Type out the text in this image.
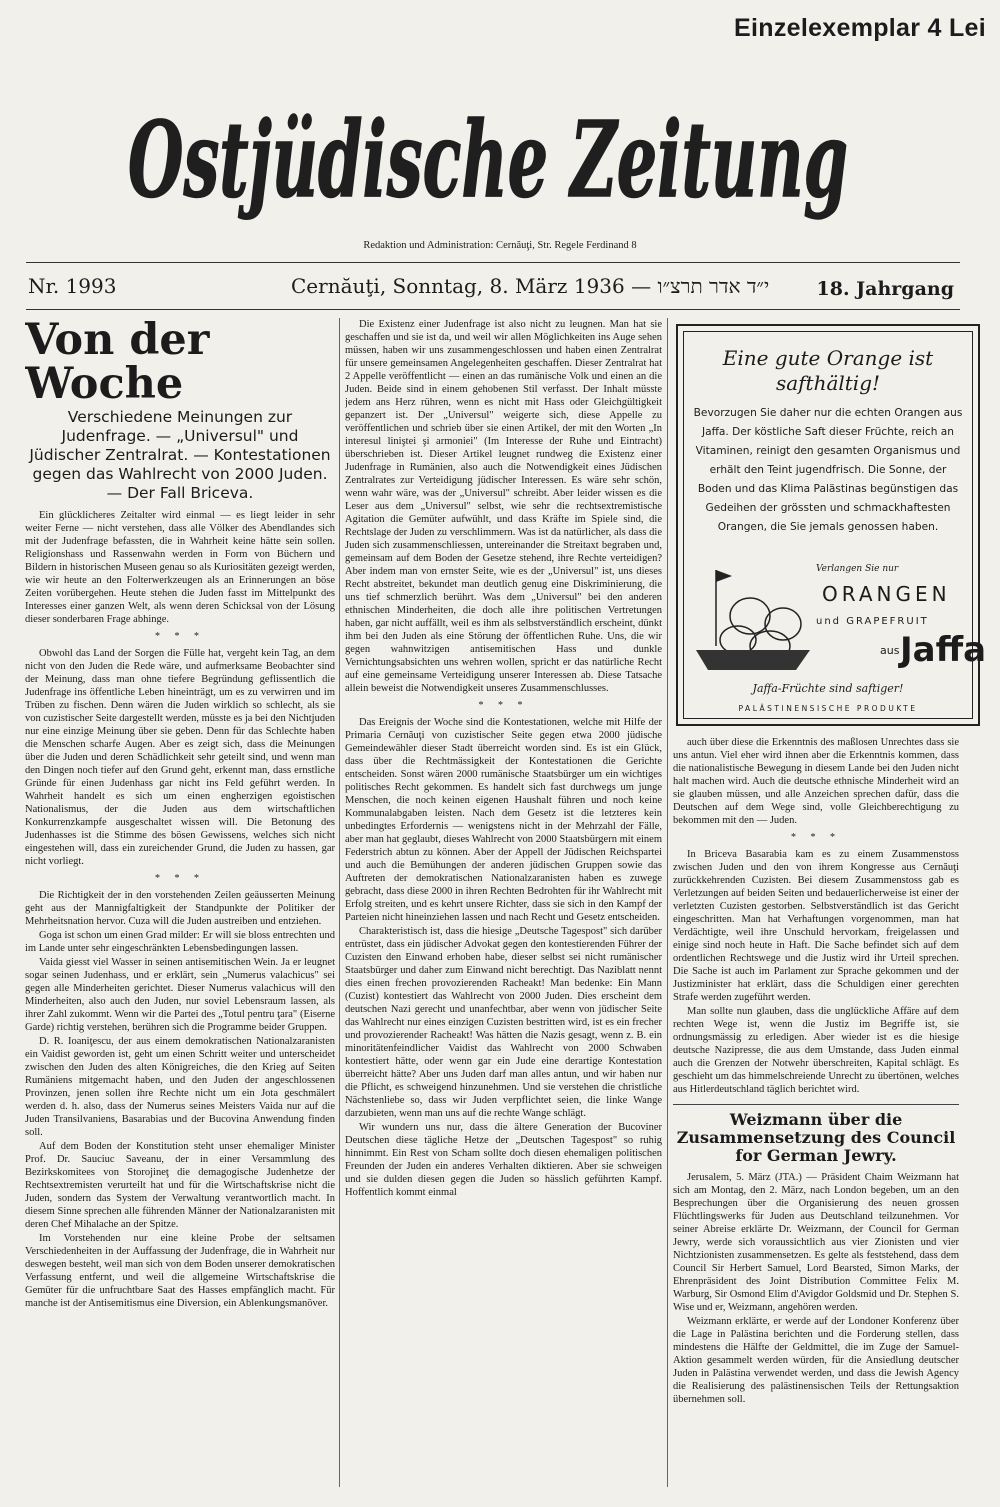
Einzelexemplar 4 Lei
Ostjüdische Zeitung
Redaktion und Administration: Cernăuţi, Str. Regele Ferdinand 8
Nr. 1993	Cernăuţi, Sonntag, 8. März 1936 — י״ד אדר תרצ״ו 18. Jahrgang
Von der Woche
Verschiedene Meinungen zur Judenfrage. — „Universul" und Jüdischer Zentralrat. — Kontestationen gegen das Wahlrecht von 2000 Juden. — Der Fall Briceva.

Ein glücklicheres Zeitalter wird einmal — es liegt leider in sehr weiter Ferne — nicht verstehen, dass alle Völker des Abendlandes sich mit der Judenfrage befassten, die in Wahrheit keine hätte sein sollen. Religionshass und Rassenwahn werden in Form von Büchern und Bildern in historischen Museen genau so als Kuriositäten gezeigt werden, wie wir heute an den Folterwerkzeugen als an Erinnerungen an böse Zeiten vorübergehen. Heute stehen die Juden fasst im Mittelpunkt des Interesses einer ganzen Welt, als wenn deren Schicksal von der Lösung dieser sonderbaren Frage abhinge.

* * *

Obwohl das Land der Sorgen die Fülle hat, vergeht kein Tag, an dem nicht von den Juden die Rede wäre, und aufmerksame Beobachter sind der Meinung, dass man ohne tiefere Begründung geflissentlich die Judenfrage ins öffentliche Leben hineinträgt, um es zu verwirren und im Trüben zu fischen. Denn wären die Juden wirklich so schlecht, als sie von cuzistischer Seite dargestellt werden, müsste es ja bei den Nichtjuden nur eine einzige Meinung über sie geben. Denn für das Schlechte haben die Menschen scharfe Augen. Aber es zeigt sich, dass die Meinungen über die Juden und deren Schädlichkeit sehr geteilt sind, und wenn man den Dingen noch tiefer auf den Grund geht, erkennt man, dass ernstliche Gründe für einen Judenhass gar nicht ins Feld geführt werden. In Wahrheit handelt es sich um einen engherzigen egoistischen Nationalismus, der die Juden aus dem wirtschaftlichen Konkurrenzkampfe ausgeschaltet wissen will. Die Betonung des Judenhasses ist die Stimme des bösen Gewissens, welches sich nicht eingestehen will, dass ein zureichender Grund, die Juden zu hassen, gar nicht vorliegt.

* * *

Die Richtigkeit der in den vorstehenden Zeilen geäusserten Meinung geht aus der Mannigfaltigkeit der Standpunkte der Politiker der Mehrheitsnation hervor. Cuza will die Juden austreiben und entziehen.

Goga ist schon um einen Grad milder: Er will sie bloss entrechten und im Lande unter sehr eingeschränkten Lebensbedingungen lassen.

Vaida giesst viel Wasser in seinen antisemitischen Wein. Ja er leugnet sogar seinen Judenhass, und er erklärt, sein „Numerus valachicus" sei gegen alle Minderheiten gerichtet. Dieser Numerus valachicus will den Minderheiten, also auch den Juden, nur soviel Lebensraum lassen, als ihrer Zahl zukommt. Wenn wir die Partei des „Totul pentru ţara" (Eiserne Garde) richtig verstehen, berühren sich die Programme beider Gruppen.

D. R. Ioaniţescu, der aus einem demokratischen Nationalzaranisten ein Vaidist geworden ist, geht um einen Schritt weiter und unterscheidet zwischen den Juden des alten Königreiches, die den Krieg auf Seiten Rumäniens mitgemacht haben, und den Juden der angeschlossenen Provinzen, jenen sollen ihre Rechte nicht um ein Jota geschmälert werden d. h. also, dass der Numerus seines Meisters Vaida nur auf die Juden Transilvaniens, Basarabias und der Bucovina Anwendung finden soll.

Auf dem Boden der Konstitution steht unser ehemaliger Minister Prof. Dr. Sauciuc Saveanu, der in einer Versammlung des Bezirkskomitees von Storojineţ die demagogische Judenhetze der Rechtsextremisten verurteilt hat und für die Wirtschaftskrise nicht die Juden, sondern das System der Verwaltung verantwortlich macht. In diesem Sinne sprechen alle führenden Männer der Nationalzaranisten mit deren Chef Mihalache an der Spitze.

Im Vorstehenden nur eine kleine Probe der seltsamen Verschiedenheiten in der Auffassung der Judenfrage, die in Wahrheit nur deswegen besteht, weil man sich von dem Boden unserer demokratischen Verfassung entfernt, und weil die allgemeine Wirtschaftskrise die Gemüter für die unfruchtbare Saat des Hasses empfänglich macht. Für manche ist der Antisemitismus eine Diversion, ein Ablenkungsmanöver.

Die Existenz einer Judenfrage ist also nicht zu leugnen. Man hat sie geschaffen und sie ist da, und weil wir allen Möglichkeiten ins Auge sehen müssen, haben wir uns zusammengeschlossen und haben einen Zentralrat für unsere gemeinsamen Angelegenheiten geschaffen. Dieser Zentralrat hat 2 Appelle veröffentlicht — einen an das rumänische Volk und einen an die Juden. Beide sind in einem gehobenen Stil verfasst. Der Inhalt müsste jedem ans Herz rühren, wenn es nicht mit Hass oder Gleichgültigkeit gepanzert ist. Der „Universul" weigerte sich, diese Appelle zu veröffentlichen und schrieb über sie einen Artikel, der mit den Worten „In interesul liniştei şi armoniei" (Im Interesse der Ruhe und Eintracht) überschrieben ist. Dieser Artikel leugnet rundweg die Existenz einer Judenfrage in Rumänien, also auch die Notwendigkeit eines Jüdischen Zentralrates zur Verteidigung jüdischer Interessen. Es wäre sehr schön, wenn wahr wäre, was der „Universul" schreibt. Aber leider wissen es die Leser aus dem „Universul" selbst, wie sehr die rechtsextremistische Agitation die Gemüter aufwühlt, und dass Kräfte im Spiele sind, die Rechtslage der Juden zu verschlimmern. Was ist da natürlicher, als dass die Juden sich zusammenschliessen, untereinander die Streitaxt begraben und, gemeinsam auf dem Boden der Gesetze stehend, ihre Rechte verteidigen? Aber indem man von ernster Seite, wie es der „Universul" ist, uns dieses Recht abstreitet, bekundet man deutlich genug eine Diskriminierung, die uns tief schmerzlich berührt. Was dem „Universul" bei den anderen ethnischen Minderheiten, die doch alle ihre politischen Vertretungen haben, gar nicht auffällt, weil es ihm als selbstverständlich erscheint, dünkt ihm bei den Juden als eine Störung der öffentlichen Ruhe. Uns, die wir gegen wahnwitzigen antisemitischen Hass und dunkle Vernichtungsabsichten uns wehren wollen, spricht er das natürliche Recht auf eine gemeinsame Verteidigung unserer Interessen ab. Diese Tatsache allein beweist die Notwendigkeit unseres Zusammenschlusses.

* * *

Das Ereignis der Woche sind die Kontestationen, welche mit Hilfe der Primaria Cernăuţi von cuzistischer Seite gegen etwa 2000 jüdische Gemeindewähler dieser Stadt überreicht worden sind. Es ist ein Glück, dass über die Rechtmässigkeit der Kontestationen die Gerichte entscheiden. Sonst wären 2000 rumänische Staatsbürger um ein wichtiges politisches Recht gekommen. Es handelt sich fast durchwegs um junge Menschen, die noch keinen eigenen Haushalt führen und noch keine Kommunalabgaben leisten. Nach dem Gesetz ist die letzteres kein unbedingtes Erfordernis — wenigstens nicht in der Mehrzahl der Fälle, aber man hat geglaubt, dieses Wahlrecht von 2000 Staatsbürgern mit einem Federstrich abtun zu können. Aber der Appell der Jüdischen Reichspartei und auch die Bemühungen der anderen jüdischen Gruppen sowie das Auftreten der demokratischen Nationalzaranisten haben es zuwege gebracht, dass diese 2000 in ihren Rechten Bedrohten für ihr Wahlrecht mit Erfolg streiten, und es kehrt unsere Richter, dass sie sich in den Kampf der Parteien nicht hineinziehen lassen und nach Recht und Gesetz entscheiden.

Charakteristisch ist, dass die hiesige „Deutsche Tagespost" sich darüber entrüstet, dass ein jüdischer Advokat gegen den kontestierenden Führer der Cuzisten den Einwand erhoben habe, dieser selbst sei nicht rumänischer Staatsbürger und daher zum Einwand nicht berechtigt. Das Naziblatt nennt dies einen frechen provozierenden Racheakt! Man bedenke: Ein Mann (Cuzist) kontestiert das Wahlrecht von 2000 Juden. Dies erscheint dem deutschen Nazi gerecht und unanfechtbar, aber wenn von jüdischer Seite das Wahlrecht nur eines einzigen Cuzisten bestritten wird, ist es ein frecher und provozierender Racheakt! Was hätten die Nazis gesagt, wenn z. B. ein minoritätenfeindlicher Vaidist das Wahlrecht von 2000 Schwaben kontestiert hätte, oder wenn gar ein Jude eine derartige Kontestation überreicht hätte? Aber uns Juden darf man alles antun, und wir haben nur die Pflicht, es schweigend hinzunehmen. Und sie verstehen die christliche Nächstenliebe so, dass wir Juden verpflichtet seien, die linke Wange darzubieten, wenn man uns auf die rechte Wange schlägt.

Wir wundern uns nur, dass die ältere Generation der Bucoviner Deutschen diese tägliche Hetze der „Deutschen Tagespost" so ruhig hinnimmt. Ein Rest von Scham sollte doch diesen ehemaligen politischen Freunden der Juden ein anderes Verhalten diktieren. Aber sie schweigen und sie dulden diesen gegen die Juden so hässlich geführten Kampf. Hoffentlich kommt einmal

Eine gute Orange ist safthältig!
Bevorzugen Sie daher nur die echten Orangen aus Jaffa. Der köstliche Saft dieser Früchte, reich an Vitaminen, reinigt den gesamten Organismus und erhält den Teint jugendfrisch. Die Sonne, der Boden und das Klima Palästinas begünstigen das Gedeihen der grössten und schmackhaftesten Orangen, die Sie jemals genossen haben.
Verlangen Sie nur
ORANGEN
und GRAPEFRUIT
aus Jaffa
Jaffa-Früchte sind saftiger!
PALÄSTINENSISCHE PRODUKTE

auch über diese die Erkenntnis des maßlosen Unrechtes dass sie uns antun. Viel eher wird ihnen aber die Erkenntnis kommen, dass die nationalistische Bewegung in diesem Lande bei den Juden nicht halt machen wird. Auch die deutsche ethnische Minderheit wird an sie glauben müssen, und alle Anzeichen sprechen dafür, dass die Deutschen auf dem Wege sind, volle Gleichberechtigung zu bekommen mit den — Juden.

* * *

In Briceva Basarabia kam es zu einem Zusammenstoss zwischen Juden und den von ihrem Kongresse aus Cernăuţi zurückkehrenden Cuzisten. Bei diesem Zusammenstoss gab es Verletzungen auf beiden Seiten und bedauerlicherweise ist einer der verletzten Cuzisten gestorben. Selbstverständlich ist das Gericht eingeschritten. Man hat Verhaftungen vorgenommen, man hat Verdächtigte, weil ihre Unschuld hervorkam, freigelassen und einige sind noch heute in Haft. Die Sache befindet sich auf dem ordentlichen Rechtswege und die Justiz wird ihr Urteil sprechen. Die Sache ist auch im Parlament zur Sprache gekommen und der Justizminister hat erklärt, dass die Schuldigen einer gerechten Strafe werden zugeführt werden.

Man sollte nun glauben, dass die unglückliche Affäre auf dem rechten Wege ist, wenn die Justiz im Begriffe ist, sie ordnungsmässig zu erledigen. Aber wieder ist es die hiesige deutsche Nazipresse, die aus dem Umstande, dass Juden einmal auch die Grenzen der Notwehr überschreiten, Kapital schlägt. Es geschieht um das himmelschreiende Unrecht zu übertönen, welches aus Hitlerdeutschland täglich berichtet wird.

Weizmann über die Zusammensetzung des Council for German Jewry.

Jerusalem, 5. März (JTA.) — Präsident Chaim Weizmann hat sich am Montag, den 2. März, nach London begeben, um an den Besprechungen über die Organisierung des neuen grossen Flüchtlingswerks für Juden aus Deutschland teilzunehmen. Vor seiner Abreise erklärte Dr. Weizmann, der Council for German Jewry, werde sich voraussichtlich aus vier Zionisten und vier Nichtzionisten zusammensetzen. Es gelte als feststehend, dass dem Council Sir Herbert Samuel, Lord Bearsted, Simon Marks, der Ehrenpräsident des Joint Distribution Committee Felix M. Warburg, Sir Osmond Elim d'Avigdor Goldsmid und Dr. Stephen S. Wise und er, Weizmann, angehören werden.

Weizmann erklärte, er werde auf der Londoner Konferenz über die Lage in Palästina berichten und die Forderung stellen, dass mindestens die Hälfte der Geldmittel, die im Zuge der Samuel-Aktion gesammelt werden würden, für die Ansiedlung deutscher Juden in Palästina verwendet werden, und dass die Jewish Agency die Realisierung des palästinensischen Teils der Rettungsaktion übernehmen soll.
